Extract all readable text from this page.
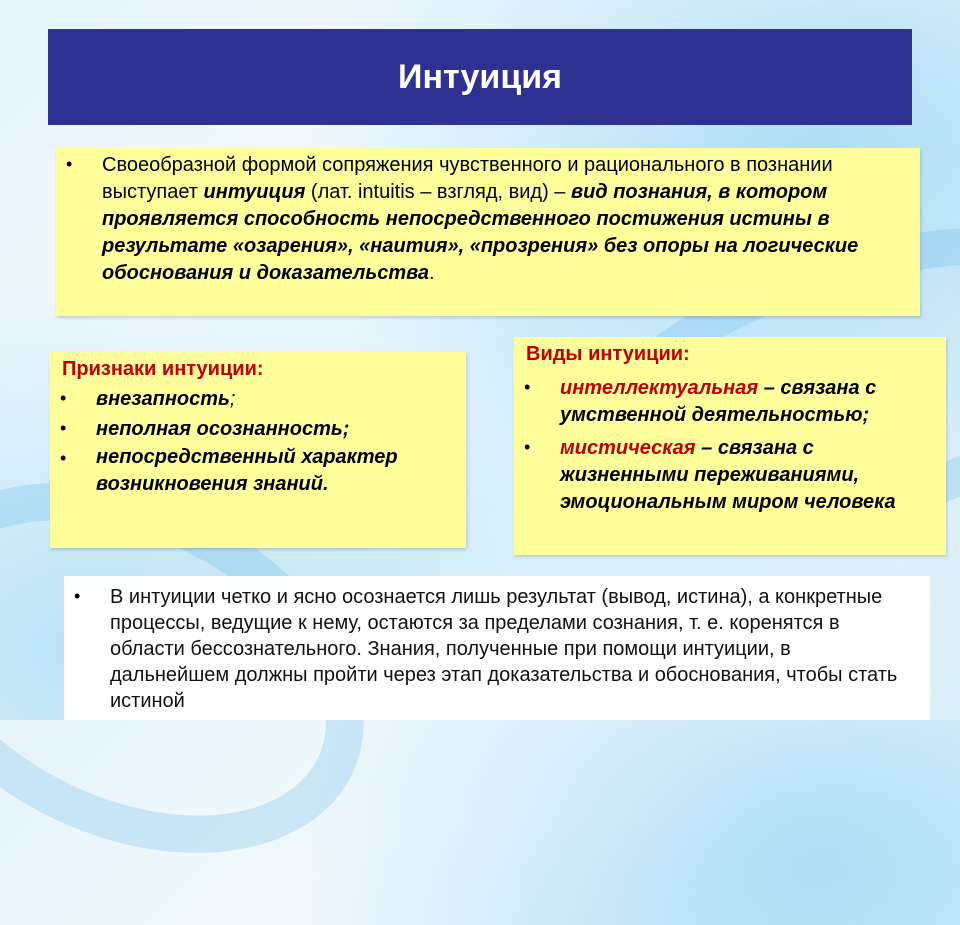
Интуиция
• Своеобразной формой сопряжения чувственного и рационального в познании выступает интуиция (лат. intuitis – взгляд, вид) – вид познания, в котором проявляется способность непосредственного постижения истины в результате «озарения», «наития», «прозрения» без опоры на логические обоснования и доказательства.
Признаки интуиции:
• внезапность;
• неполная осознанность;
• непосредственный характер возникновения знаний.
Виды интуиции:
• интеллектуальная – связана с умственной деятельностью;
• мистическая – связана с жизненными переживаниями, эмоциональным миром человека
• В интуиции четко и ясно осознается лишь результат (вывод, истина), а конкретные процессы, ведущие к нему, остаются за пределами сознания, т. е. коренятся в области бессознательного. Знания, полученные при помощи интуиции, в дальнейшем должны пройти через этап доказательства и обоснования, чтобы стать истиной
